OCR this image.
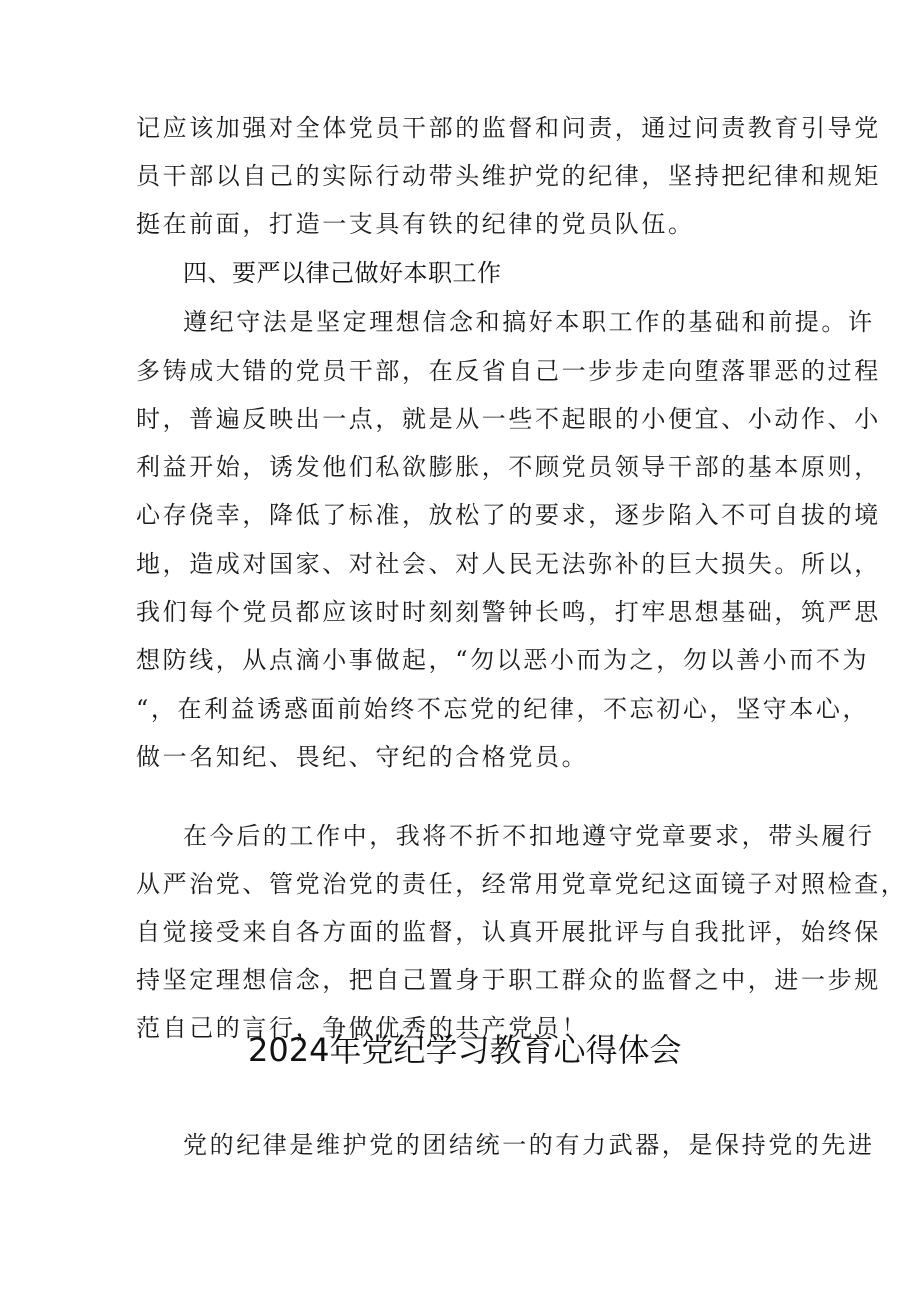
记应该加强对全体党员干部的监督和问责，通过问责教育引导党
员干部以自己的实际行动带头维护党的纪律，坚持把纪律和规矩
挺在前面，打造一支具有铁的纪律的党员队伍。
四、要严以律己做好本职工作
遵纪守法是坚定理想信念和搞好本职工作的基础和前提。许
多铸成大错的党员干部，在反省自己一步步走向堕落罪恶的过程
时，普遍反映出一点，就是从一些不起眼的小便宜、小动作、小
利益开始，诱发他们私欲膨胀，不顾党员领导干部的基本原则，
心存侥幸，降低了标准，放松了的要求，逐步陷入不可自拔的境
地，造成对国家、对社会、对人民无法弥补的巨大损失。所以，
我们每个党员都应该时时刻刻警钟长鸣，打牢思想基础，筑严思
想防线，从点滴小事做起，“勿以恶小而为之，勿以善小而不为
“，在利益诱惑面前始终不忘党的纪律，不忘初心，坚守本心，
做一名知纪、畏纪、守纪的合格党员。
在今后的工作中，我将不折不扣地遵守党章要求，带头履行
从严治党、管党治党的责任，经常用党章党纪这面镜子对照检查，
自觉接受来自各方面的监督，认真开展批评与自我批评，始终保
持坚定理想信念，把自己置身于职工群众的监督之中，进一步规
范自己的言行，争做优秀的共产党员！
2024年党纪学习教育心得体会
党的纪律是维护党的团结统一的有力武器，是保持党的先进
